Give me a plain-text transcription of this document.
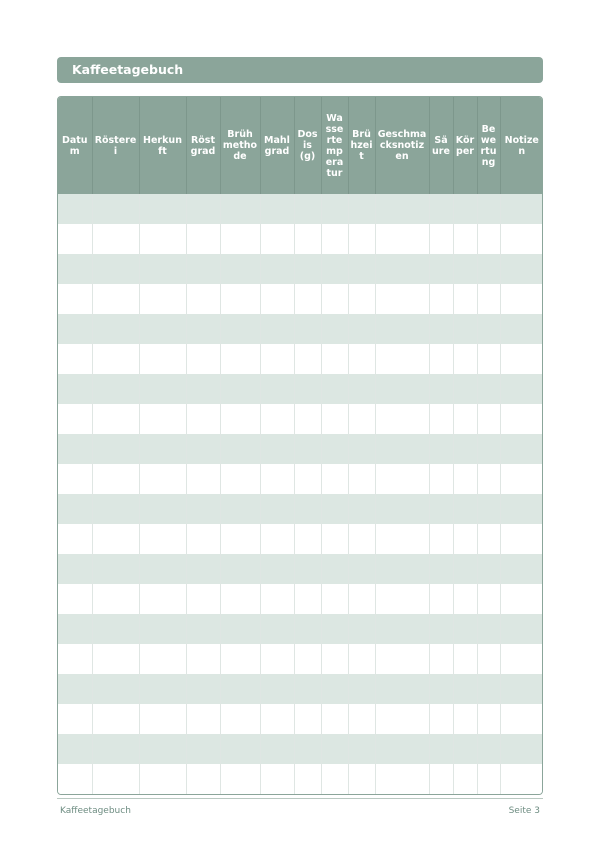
Kaffeetagebuch
Datum	Rösterei	Herkunft	Röstgrad	Brühmethode	Mahlgrad	Dosis (g)	Wassertemperatur	Brühzeit	Geschmacksnotizen	Säure	Körper	Bewertung	Notizen

Kaffeetagebuch	Seite 3
